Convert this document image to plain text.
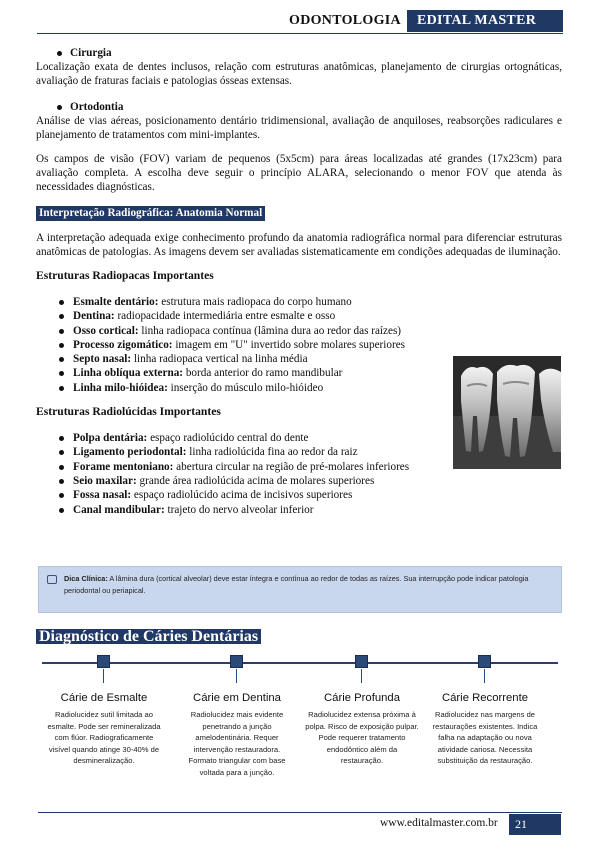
ODONTOLOGIA	EDITAL MASTER
Cirurgia

Localização exata de dentes inclusos, relação com estruturas anatômicas, planejamento de cirurgias ortognáticas, avaliação de fraturas faciais e patologias ósseas extensas.

Ortodontia

Análise de vias aéreas, posicionamento dentário tridimensional, avaliação de anquiloses, reabsorções radiculares e planejamento de tratamentos com mini-implantes.

Os campos de visão (FOV) variam de pequenos (5x5cm) para áreas localizadas até grandes (17x23cm) para avaliação completa. A escolha deve seguir o princípio ALARA, selecionando o menor FOV que atenda às necessidades diagnósticas.

Interpretação Radiográfica: Anatomia Normal

A interpretação adequada exige conhecimento profundo da anatomia radiográfica normal para diferenciar estruturas anatômicas de patologias. As imagens devem ser avaliadas sistematicamente em condições adequadas de iluminação.

Estruturas Radiopacas Importantes
Esmalte dentário: estrutura mais radiopaca do corpo humano
Dentina: radiopacidade intermediária entre esmalte e osso
Osso cortical: linha radiopaca contínua (lâmina dura ao redor das raízes)
Processo zigomático: imagem em "U" invertido sobre molares superiores
Septo nasal: linha radiopaca vertical na linha média
Linha oblíqua externa: borda anterior do ramo mandibular
Linha milo-hióidea: inserção do músculo milo-hióideo
Estruturas Radiolúcidas Importantes
Polpa dentária: espaço radiolúcido central do dente
Ligamento periodontal: linha radiolúcida fina ao redor da raiz
Forame mentoniano: abertura circular na região de pré-molares inferiores
Seio maxilar: grande área radiolúcida acima de molares superiores
Fossa nasal: espaço radiolúcido acima de incisivos superiores
Canal mandibular: trajeto do nervo alveolar inferior
Dica Clínica: A lâmina dura (cortical alveolar) deve estar íntegra e contínua ao redor de todas as raízes. Sua interrupção pode indicar patologia periodontal ou periapical.
Diagnóstico de Cáries Dentárias
Cárie de Esmalte
Radiolucidez sutil limitada ao esmalte. Pode ser remineralizada com flúor. Radiograficamente visível quando atinge 30-40% de desmineralização.
Cárie em Dentina
Radiolucidez mais evidente penetrando a junção amelodentinária. Requer intervenção restauradora. Formato triangular com base voltada para a junção.
Cárie Profunda
Radiolucidez extensa próxima à polpa. Risco de exposição pulpar. Pode requerer tratamento endodôntico além da restauração.
Cárie Recorrente
Radiolucidez nas margens de restaurações existentes. Indica falha na adaptação ou nova atividade cariosa. Necessita substituição da restauração.
www.editalmaster.com.br	21
